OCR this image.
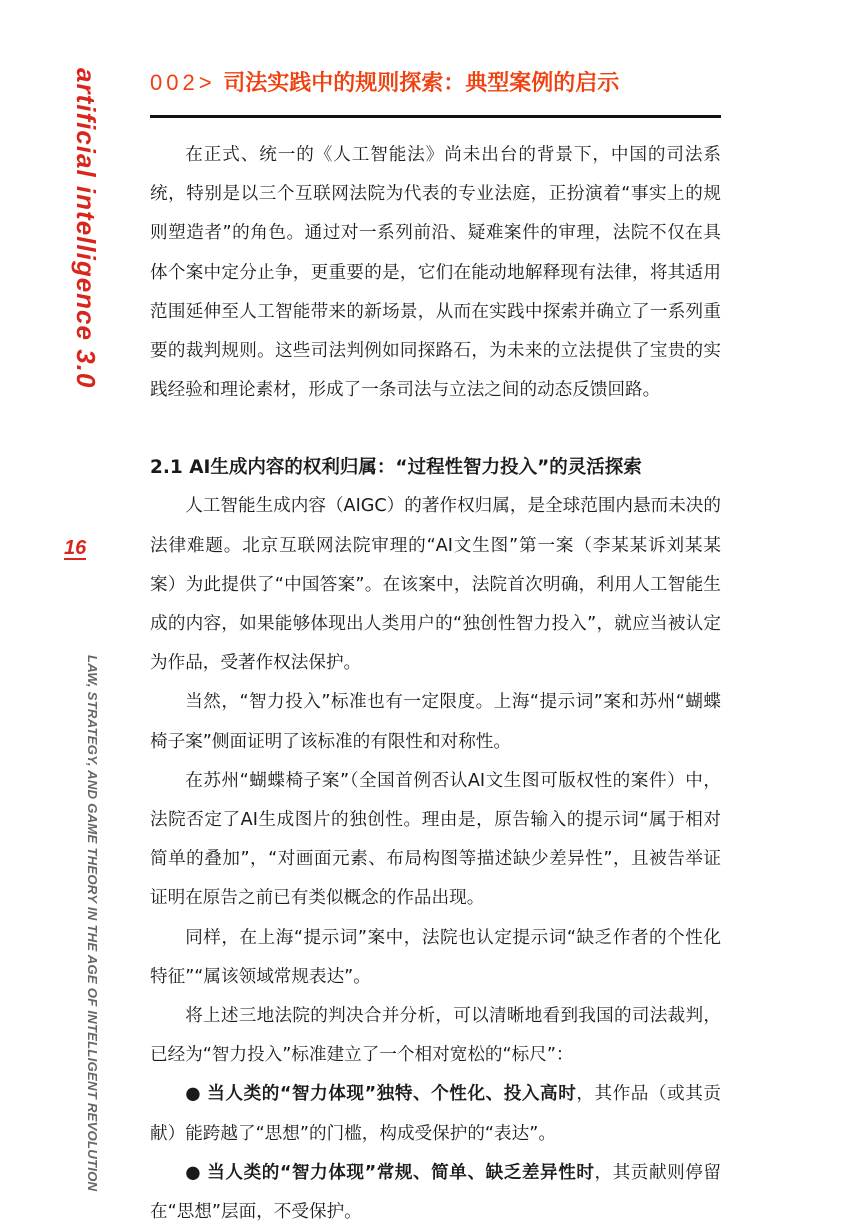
artificial intelligence 3.0
16
LAW, STRATEGY, AND GAME THEORY IN THE AGE OF INTELLIGENT REVOLUTION
002> 司法实践中的规则探索：典型案例的启示

在正式、统一的《人工智能法》尚未出台的背景下，中国的司法系统，特别是以三个互联网法院为代表的专业法庭，正扮演着“事实上的规则塑造者”的角色。通过对一系列前沿、疑难案件的审理，法院不仅在具体个案中定分止争，更重要的是，它们在能动地解释现有法律，将其适用范围延伸至人工智能带来的新场景，从而在实践中探索并确立了一系列重要的裁判规则。这些司法判例如同探路石，为未来的立法提供了宝贵的实践经验和理论素材，形成了一条司法与立法之间的动态反馈回路。

2.1 AI生成内容的权利归属：“过程性智力投入”的灵活探索

人工智能生成内容（AIGC）的著作权归属，是全球范围内悬而未决的法律难题。北京互联网法院审理的“AI文生图”第一案（李某某诉刘某某案）为此提供了“中国答案”。在该案中，法院首次明确，利用人工智能生成的内容，如果能够体现出人类用户的“独创性智力投入”，就应当被认定为作品，受著作权法保护。

当然，“智力投入”标准也有一定限度。上海“提示词”案和苏州“蝴蝶椅子案”侧面证明了该标准的有限性和对称性。

在苏州“蝴蝶椅子案”（全国首例否认AI文生图可版权性的案件）中，法院否定了AI生成图片的独创性。理由是，原告输入的提示词“属于相对简单的叠加”，“对画面元素、布局构图等描述缺少差异性”，且被告举证证明在原告之前已有类似概念的作品出现。

同样，在上海“提示词”案中，法院也认定提示词“缺乏作者的个性化特征”“属该领域常规表达”。

将上述三地法院的判决合并分析，可以清晰地看到我国的司法裁判，已经为“智力投入”标准建立了一个相对宽松的“标尺”：

● 当人类的“智力体现”独特、个性化、投入高时，其作品（或其贡献）能跨越了“思想”的门槛，构成受保护的“表达”。

● 当人类的“智力体现”常规、简单、缺乏差异性时，其贡献则停留在“思想”层面，不受保护。
